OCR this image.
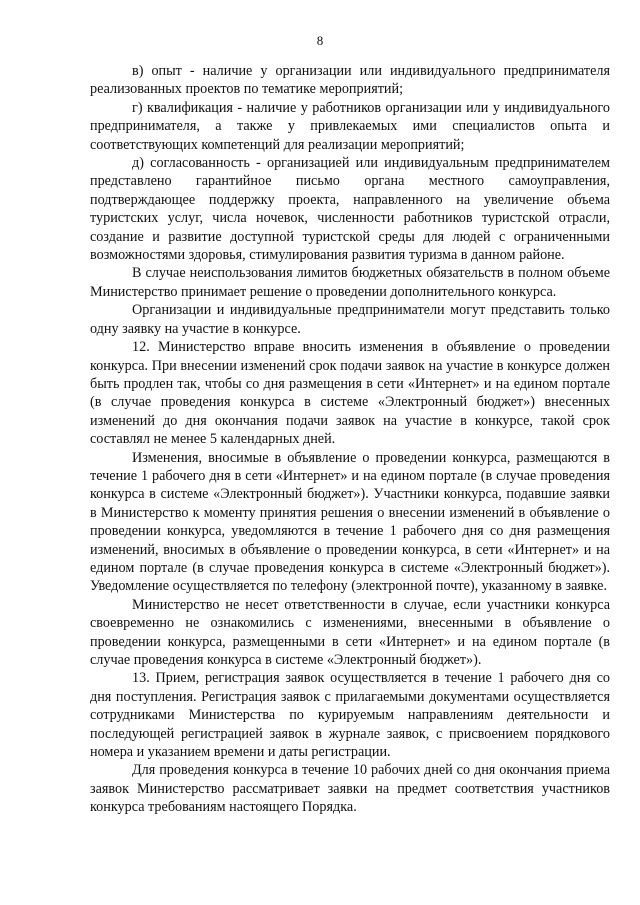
8

в) опыт - наличие у организации или индивидуального предпринимателя реализованных проектов по тематике мероприятий;

г) квалификация - наличие у работников организации или у индивидуального предпринимателя, а также у привлекаемых ими специалистов опыта и соответствующих компетенций для реализации мероприятий;

д) согласованность - организацией или индивидуальным предпринимателем представлено гарантийное письмо органа местного самоуправления, подтверждающее поддержку проекта, направленного на увеличение объема туристских услуг, числа ночевок, численности работников туристской отрасли, создание и развитие доступной туристской среды для людей с ограниченными возможностями здоровья, стимулирования развития туризма в данном районе.

В случае неиспользования лимитов бюджетных обязательств в полном объеме Министерство принимает решение о проведении дополнительного конкурса.

Организации и индивидуальные предприниматели могут представить только одну заявку на участие в конкурсе.

12. Министерство вправе вносить изменения в объявление о проведении конкурса. При внесении изменений срок подачи заявок на участие в конкурсе должен быть продлен так, чтобы со дня размещения в сети «Интернет» и на едином портале (в случае проведения конкурса в системе «Электронный бюджет») внесенных изменений до дня окончания подачи заявок на участие в конкурсе, такой срок составлял не менее 5 календарных дней.

Изменения, вносимые в объявление о проведении конкурса, размещаются в течение 1 рабочего дня в сети «Интернет» и на едином портале (в случае проведения конкурса в системе «Электронный бюджет»). Участники конкурса, подавшие заявки в Министерство к моменту принятия решения о внесении изменений в объявление о проведении конкурса, уведомляются в течение 1 рабочего дня со дня размещения изменений, вносимых в объявление о проведении конкурса, в сети «Интернет» и на едином портале (в случае проведения конкурса в системе «Электронный бюджет»). Уведомление осуществляется по телефону (электронной почте), указанному в заявке.

Министерство не несет ответственности в случае, если участники конкурса своевременно не ознакомились с изменениями, внесенными в объявление о проведении конкурса, размещенными в сети «Интернет» и на едином портале (в случае проведения конкурса в системе «Электронный бюджет»).

13. Прием, регистрация заявок осуществляется в течение 1 рабочего дня со дня поступления. Регистрация заявок с прилагаемыми документами осуществляется сотрудниками Министерства по курируемым направлениям деятельности и последующей регистрацией заявок в журнале заявок, с присвоением порядкового номера и указанием времени и даты регистрации.

Для проведения конкурса в течение 10 рабочих дней со дня окончания приема заявок Министерство рассматривает заявки на предмет соответствия участников конкурса требованиям настоящего Порядка.
